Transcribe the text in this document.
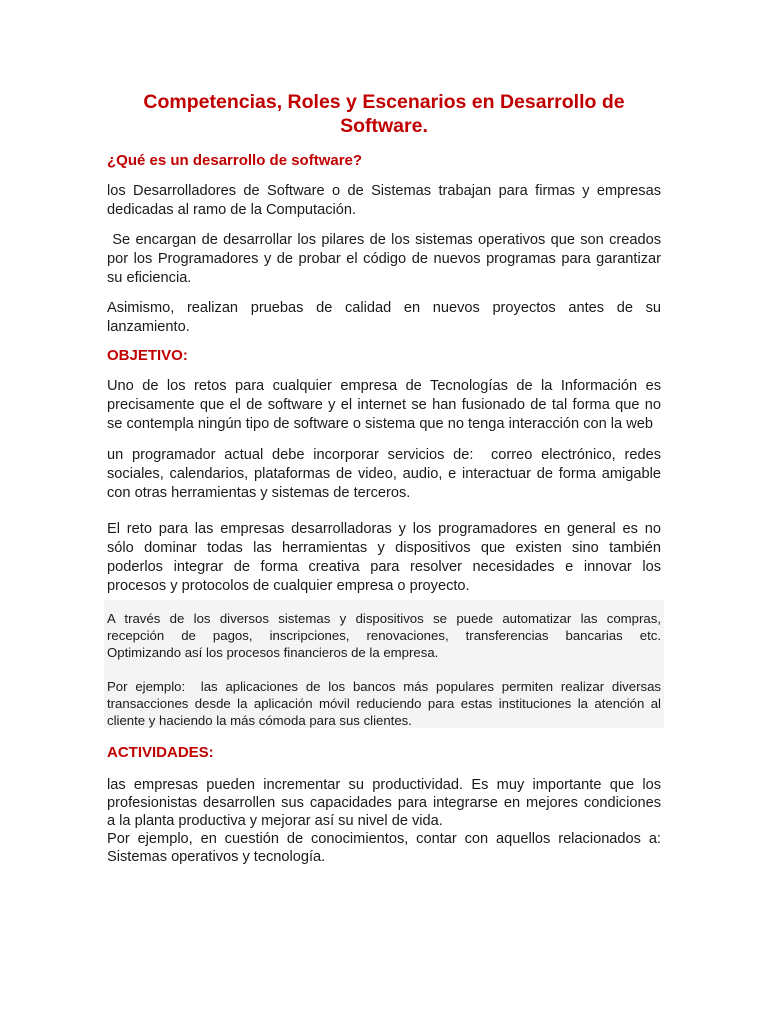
Competencias, Roles y Escenarios en Desarrollo de
Software.
¿Qué es un desarrollo de software?

los Desarrolladores de Software o de Sistemas trabajan para firmas y empresas
dedicadas al ramo de la Computación.

Se encargan de desarrollar los pilares de los sistemas operativos que son creados
por los Programadores y de probar el código de nuevos programas para garantizar
su eficiencia.

Asimismo, realizan pruebas de calidad en nuevos proyectos antes de su
lanzamiento.

OBJETIVO:

Uno de los retos para cualquier empresa de Tecnologías de la Información es
precisamente que el de software y el internet se han fusionado de tal forma que no
se contempla ningún tipo de software o sistema que no tenga interacción con la web

un programador actual debe incorporar servicios de:  correo electrónico, redes
sociales, calendarios, plataformas de video, audio, e interactuar de forma amigable
con otras herramientas y sistemas de terceros.

El reto para las empresas desarrolladoras y los programadores en general es no
sólo dominar todas las herramientas y dispositivos que existen sino también
poderlos integrar de forma creativa para resolver necesidades e innovar los
procesos y protocolos de cualquier empresa o proyecto.

A través de los diversos sistemas y dispositivos se puede automatizar las compras,
recepción de pagos, inscripciones, renovaciones, transferencias bancarias etc.
Optimizando así los procesos financieros de la empresa.

Por ejemplo:  las aplicaciones de los bancos más populares permiten realizar diversas
transacciones desde la aplicación móvil reduciendo para estas instituciones la atención al
cliente y haciendo la más cómoda para sus clientes.

ACTIVIDADES:

las empresas pueden incrementar su productividad. Es muy importante que los
profesionistas desarrollen sus capacidades para integrarse en mejores condiciones
a la planta productiva y mejorar así su nivel de vida.
Por ejemplo, en cuestión de conocimientos, contar con aquellos relacionados a:
Sistemas operativos y tecnología.
